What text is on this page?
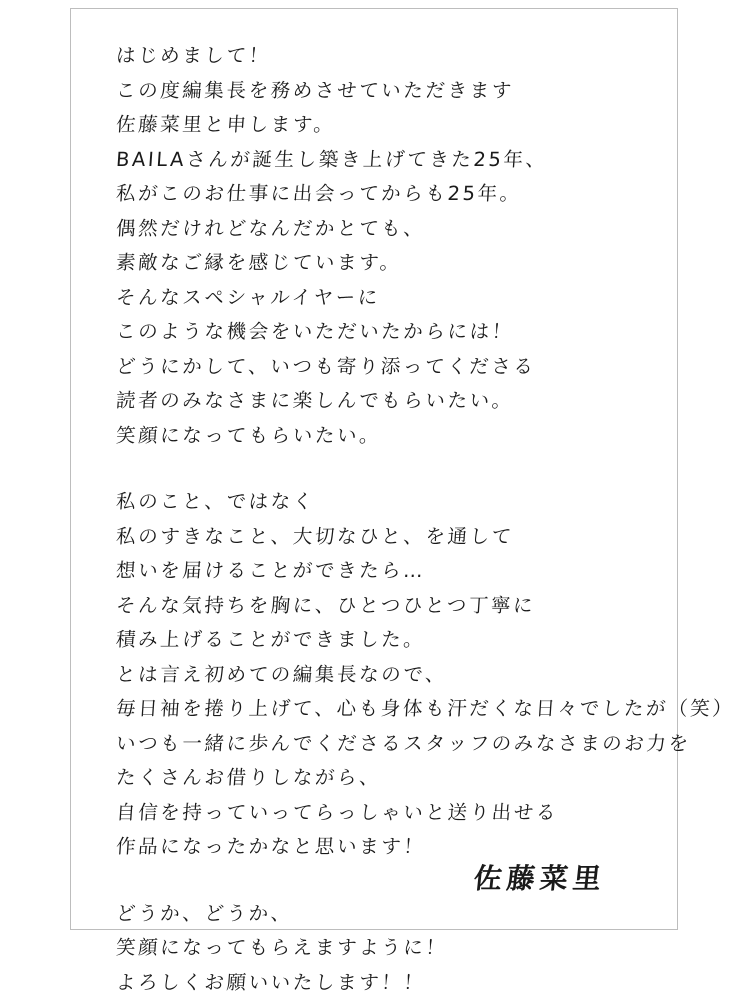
はじめまして！
この度編集長を務めさせていただきます
佐藤菜里と申します。
BAILAさんが誕生し築き上げてきた25年、
私がこのお仕事に出会ってからも25年。
偶然だけれどなんだかとても、
素敵なご縁を感じています。
そんなスペシャルイヤーに
このような機会をいただいたからには！
どうにかして、いつも寄り添ってくださる
読者のみなさまに楽しんでもらいたい。
笑顔になってもらいたい。
私のこと、ではなく
私のすきなこと、大切なひと、を通して
想いを届けることができたら…
そんな気持ちを胸に、ひとつひとつ丁寧に
積み上げることができました。
とは言え初めての編集長なので、
毎日袖を捲り上げて、心も身体も汗だくな日々でしたが（笑）
いつも一緒に歩んでくださるスタッフのみなさまのお力を
たくさんお借りしながら、
自信を持っていってらっしゃいと送り出せる
作品になったかなと思います！
どうか、どうか、
笑顔になってもらえますように！
よろしくお願いいたします！！
佐藤菜里
